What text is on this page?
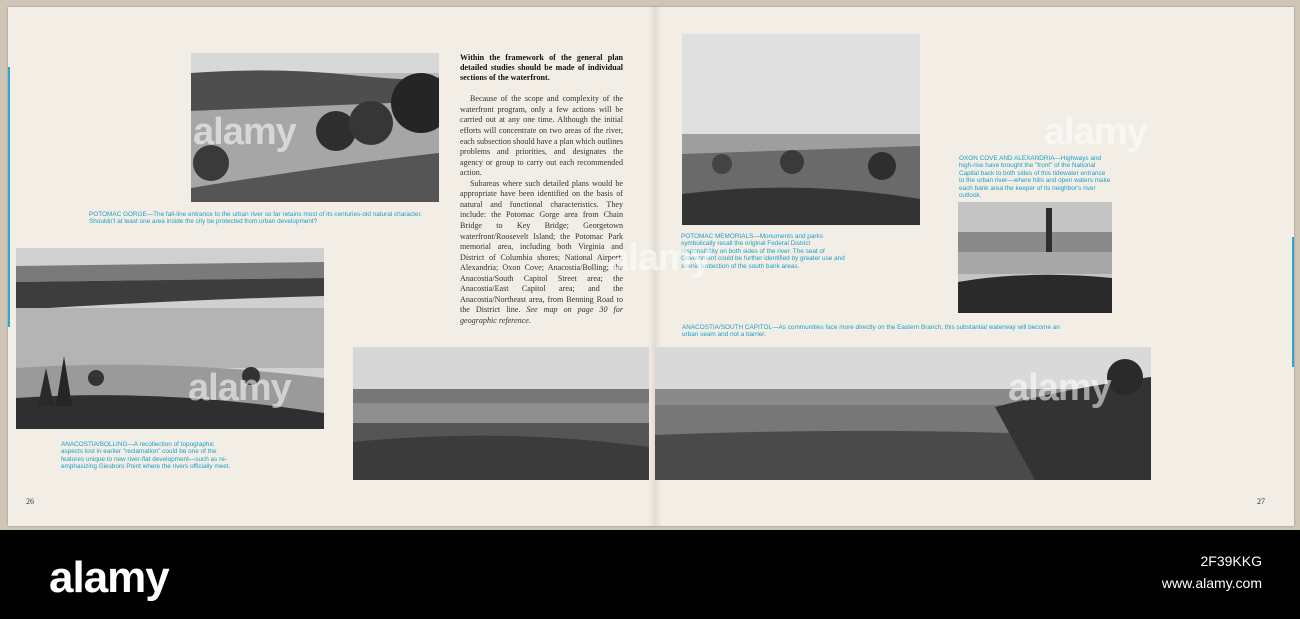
POTOMAC GORGE—The fall-line entrance to the urban river so far retains most of its centuries-old natural character. Shouldn't at least one area inside the city be protected from urban development?
ANACOSTIA/BOLLING—A recollection of topographic aspects lost in earlier "reclamation" could be one of the features unique to new river-flat development—such as re-emphasizing Giesboro Point where the rivers officially meet.

Within the framework of the general plan detailed studies should be made of individual sections of the waterfront.

Because of the scope and complexity of the waterfront program, only a few actions will be carried out at any one time. Although the initial efforts will concentrate on two areas of the river, each subsection should have a plan which outlines problems and priorities, and designates the agency or group to carry out each recommended action.

Subareas where such detailed plans would be appropriate have been identified on the basis of natural and functional characteristics. They include: the Potomac Gorge area from Chain Bridge to Key Bridge; Georgetown waterfront/Roosevelt Island; the Potomac Park memorial area, including both Virginia and District of Columbia shores; National Airport; Alexandria; Oxon Cove; Anacostia/Bolling; the Anacostia/South Capitol Street area; the Anacostia/East Capitol area; and the Anacostia/Northeast area, from Benning Road to the District line. See map on page 30 for geographic reference.

POTOMAC MEMORIALS—Monuments and parks symbolically recall the original Federal District responsibility on both sides of the river. The seat of Government could be further identified by greater use and scenic protection of the south bank areas.
OXON COVE AND ALEXANDRIA—Highways and high-rise have brought the "front" of the National Capital back to both sides of this tidewater entrance to the urban river—where hills and open waters make each bank area the keeper of its neighbor's river outlook.
ANACOSTIA/SOUTH CAPITOL—As communities face more directly on the Eastern Branch, this substantial waterway will become an urban seam and not a barrier.
26	27
alamy	alamy
alamy
alamy	alamy
alamy	2F39KKG
www.alamy.com
